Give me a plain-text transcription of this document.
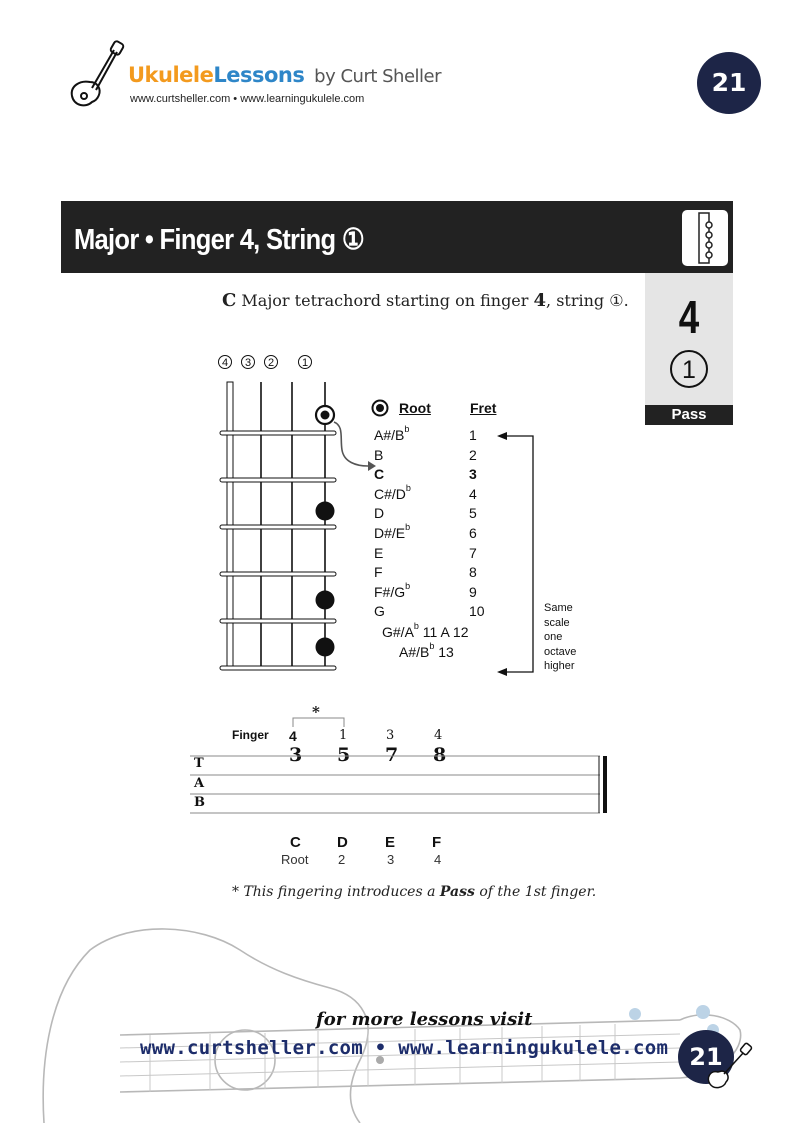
UkuleleLessons by Curt Sheller
www.curtsheller.com • www.learningukulele.com
21
Major • Finger 4, String ①
4
1
Pass
C Major tetrachord starting on finger 4, string ①.
4 3 2	1
Root	Fret
$A\#/B^b$	1
B	2
C	3
$C\#/D^b$	4
D	5
$D\#/E^b$	6
E	7
F	8
$F\#/G^b$	9
G	10
$G\#/A^b$ 11 A 12
$A\#/B^b$ 13
Same
scale
one
octave
higher
*
Finger 4	1	3	4
3 5 7 8
T
A
B
C D E F
Root 2	3	4
* This fingering introduces a Pass of the 1st finger.
for more lessons visit
www.curtsheller.com • www.learningukulele.com 21
